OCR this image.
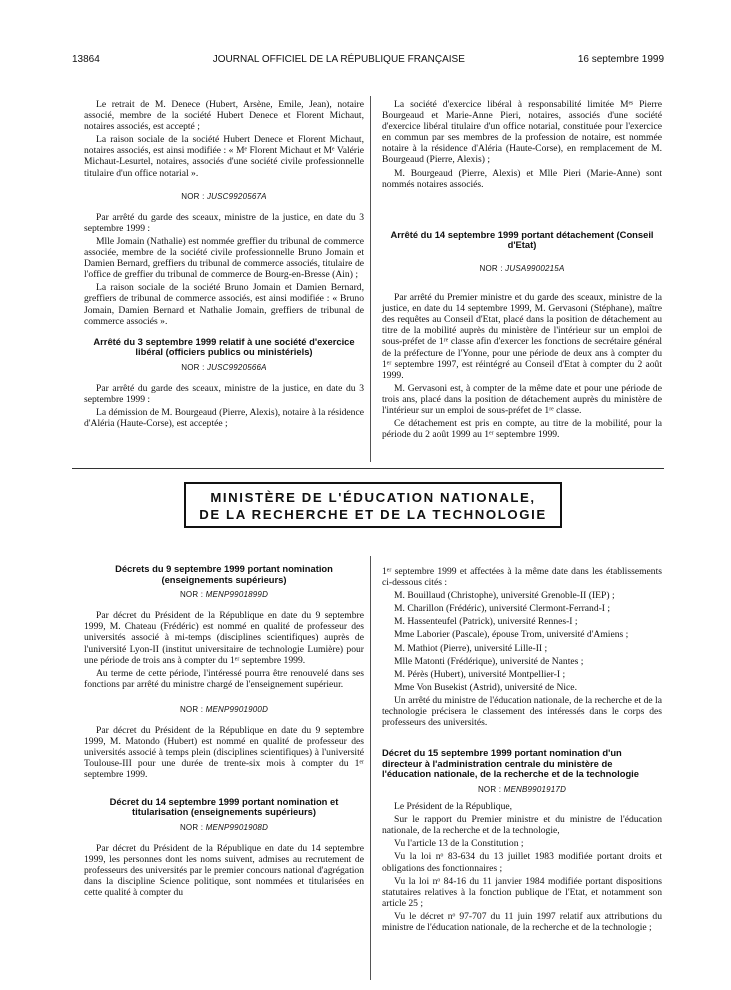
13864	JOURNAL OFFICIEL DE LA RÉPUBLIQUE FRANÇAISE	16 septembre 1999

Le retrait de M. Denece (Hubert, Arsène, Emile, Jean), notaire associé, membre de la société Hubert Denece et Florent Michaut, notaires associés, est accepté ;

La raison sociale de la société Hubert Denece et Florent Michaut, notaires associés, est ainsi modifiée : « Mᵉ Florent Michaut et Mᵉ Valérie Michaut-Lesurtel, notaires, associés d'une société civile professionnelle titulaire d'un office notarial ».

NOR : JUSC9920567A

Par arrêté du garde des sceaux, ministre de la justice, en date du 3 septembre 1999 :

Mlle Jomain (Nathalie) est nommée greffier du tribunal de commerce associée, membre de la société civile professionnelle Bruno Jomain et Damien Bernard, greffiers du tribunal de commerce associés, titulaire de l'office de greffier du tribunal de commerce de Bourg-en-Bresse (Ain) ;

La raison sociale de la société Bruno Jomain et Damien Bernard, greffiers de tribunal de commerce associés, est ainsi modifiée : « Bruno Jomain, Damien Bernard et Nathalie Jomain, greffiers de tribunal de commerce associés ».

Arrêté du 3 septembre 1999 relatif à une société d'exercice libéral (officiers publics ou ministériels)
NOR : JUSC9920566A

Par arrêté du garde des sceaux, ministre de la justice, en date du 3 septembre 1999 :

La démission de M. Bourgeaud (Pierre, Alexis), notaire à la résidence d'Aléria (Haute-Corse), est acceptée ;

La société d'exercice libéral à responsabilité limitée Mᵉˢ Pierre Bourgeaud et Marie-Anne Pieri, notaires, associés d'une société d'exercice libéral titulaire d'un office notarial, constituée pour l'exercice en commun par ses membres de la profession de notaire, est nommée notaire à la résidence d'Aléria (Haute-Corse), en remplacement de M. Bourgeaud (Pierre, Alexis) ;

M. Bourgeaud (Pierre, Alexis) et Mlle Pieri (Marie-Anne) sont nommés notaires associés.

Arrêté du 14 septembre 1999 portant détachement (Conseil d'Etat)
NOR : JUSA9900215A

Par arrêté du Premier ministre et du garde des sceaux, ministre de la justice, en date du 14 septembre 1999, M. Gervasoni (Stéphane), maître des requêtes au Conseil d'Etat, placé dans la position de détachement au titre de la mobilité auprès du ministère de l'intérieur sur un emploi de sous-préfet de 1ʳᵉ classe afin d'exercer les fonctions de secrétaire général de la préfecture de l'Yonne, pour une période de deux ans à compter du 1ᵉʳ septembre 1997, est réintégré au Conseil d'Etat à compter du 2 août 1999.

M. Gervasoni est, à compter de la même date et pour une période de trois ans, placé dans la position de détachement auprès du ministère de l'intérieur sur un emploi de sous-préfet de 1ʳᵉ classe.

Ce détachement est pris en compte, au titre de la mobilité, pour la période du 2 août 1999 au 1ᵉʳ septembre 1999.

MINISTÈRE DE L'ÉDUCATION NATIONALE,
DE LA RECHERCHE ET DE LA TECHNOLOGIE
Décrets du 9 septembre 1999 portant nomination (enseignements supérieurs)
NOR : MENP9901899D

Par décret du Président de la République en date du 9 septembre 1999, M. Chateau (Frédéric) est nommé en qualité de professeur des universités associé à mi-temps (disciplines scientifiques) auprès de l'université Lyon-II (institut universitaire de technologie Lumière) pour une période de trois ans à compter du 1ᵉʳ septembre 1999.

Au terme de cette période, l'intéressé pourra être renouvelé dans ses fonctions par arrêté du ministre chargé de l'enseignement supérieur.

NOR : MENP9901900D

Par décret du Président de la République en date du 9 septembre 1999, M. Matondo (Hubert) est nommé en qualité de professeur des universités associé à temps plein (disciplines scientifiques) à l'université Toulouse-III pour une durée de trente-six mois à compter du 1ᵉʳ septembre 1999.

Décret du 14 septembre 1999 portant nomination et titularisation (enseignements supérieurs)
NOR : MENP9901908D

Par décret du Président de la République en date du 14 septembre 1999, les personnes dont les noms suivent, admises au recrutement de professeurs des universités par le premier concours national d'agrégation dans la discipline Science politique, sont nommées et titularisées en cette qualité à compter du

1ᵉʳ septembre 1999 et affectées à la même date dans les établissements ci-dessous cités :

M. Bouillaud (Christophe), université Grenoble-II (IEP) ;
M. Charillon (Frédéric), université Clermont-Ferrand-I ;
M. Hassenteufel (Patrick), université Rennes-I ;
Mme Laborier (Pascale), épouse Trom, université d'Amiens ;
M. Mathiot (Pierre), université Lille-II ;
Mlle Matonti (Frédérique), université de Nantes ;
M. Pérès (Hubert), université Montpellier-I ;
Mme Von Busekist (Astrid), université de Nice.

Un arrêté du ministre de l'éducation nationale, de la recherche et de la technologie précisera le classement des intéressés dans le corps des professeurs des universités.

Décret du 15 septembre 1999 portant nomination d'un directeur à l'administration centrale du ministère de l'éducation nationale, de la recherche et de la technologie
NOR : MENB9901917D

Le Président de la République,

Sur le rapport du Premier ministre et du ministre de l'éducation nationale, de la recherche et de la technologie,

Vu l'article 13 de la Constitution ;

Vu la loi nᵒ 83-634 du 13 juillet 1983 modifiée portant droits et obligations des fonctionnaires ;

Vu la loi nᵒ 84-16 du 11 janvier 1984 modifiée portant dispositions statutaires relatives à la fonction publique de l'Etat, et notamment son article 25 ;

Vu le décret nᵒ 97-707 du 11 juin 1997 relatif aux attributions du ministre de l'éducation nationale, de la recherche et de la technologie ;
